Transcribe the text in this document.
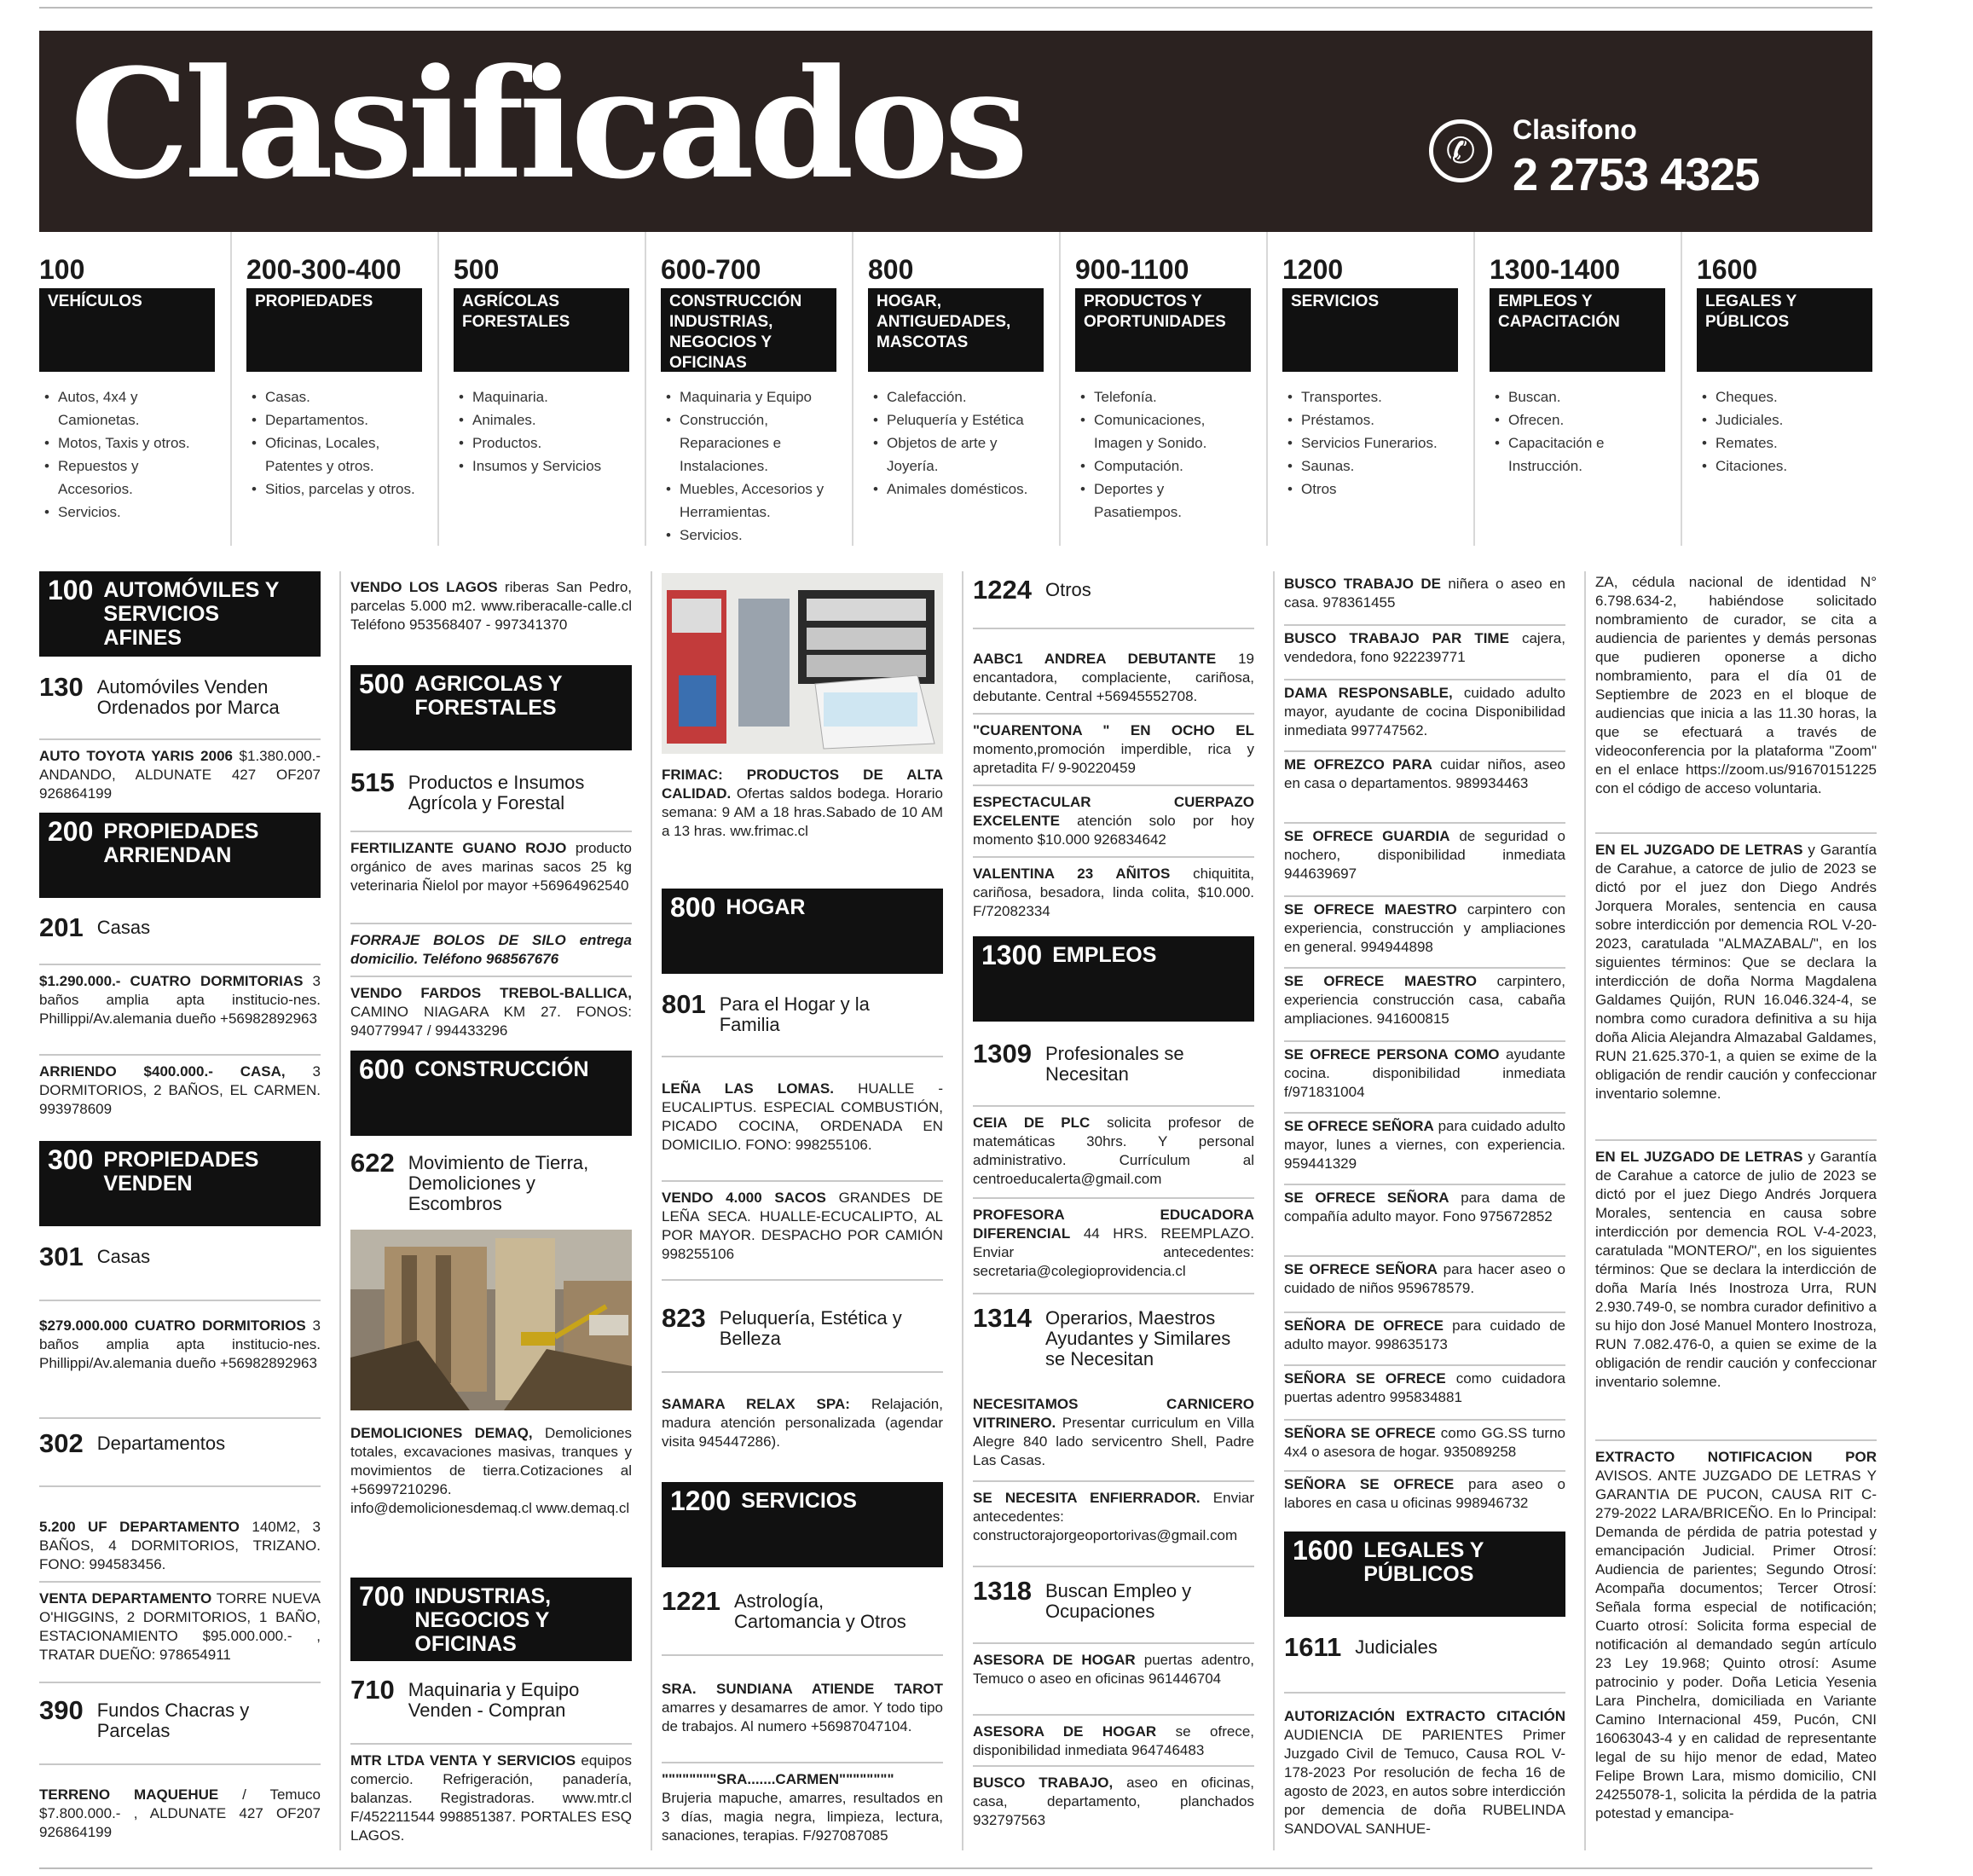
Clasificados	✆	Clasifono
2 2753 4325
100
VEHÍCULOS
• Autos, 4x4 y Camionetas.
• Motos, Taxis y otros.
• Repuestos y Accesorios.
• Servicios.
200-300-400
PROPIEDADES
• Casas.
• Departamentos.
• Oficinas, Locales, Patentes y otros.
• Sitios, parcelas y otros.
500
AGRÍCOLAS FORESTALES
• Maquinaria.
• Animales.
• Productos.
• Insumos y Servicios
600-700
CONSTRUCCIÓN INDUSTRIAS, NEGOCIOS Y OFICINAS
• Maquinaria y Equipo
• Construcción, Reparaciones e Instalaciones.
• Muebles, Accesorios y Herramientas.
• Servicios.
800
HOGAR, ANTIGUEDADES, MASCOTAS
• Calefacción.
• Peluquería y Estética
• Objetos de arte y Joyería.
• Animales domésticos.
900-1100
PRODUCTOS Y OPORTUNIDADES
• Telefonía.
• Comunicaciones, Imagen y Sonido.
• Computación.
• Deportes y Pasatiempos.
1200
SERVICIOS
• Transportes.
• Préstamos.
• Servicios Funerarios.
• Saunas.
• Otros
1300-1400
EMPLEOS Y CAPACITACIÓN
• Buscan.
• Ofrecen.
• Capacitación e Instrucción.
1600
LEGALES Y PÚBLICOS
• Cheques.
• Judiciales.
• Remates.
• Citaciones.
100 AUTOMÓVILES Y SERVICIOS AFINES
130 Automóviles Venden Ordenados por Marca
AUTO TOYOTA YARIS 2006 $1.380.000.- ANDANDO, ALDUNATE 427 OF207 926864199
200 PROPIEDADES ARRIENDAN
201 Casas
$1.290.000.- CUATRO DORMITORIAS 3 baños amplia apta institucio-nes. Phillippi/Av.alemania dueño +56982892963
ARRIENDO $400.000.- CASA, 3 DORMITORIOS, 2 BAÑOS, EL CARMEN. 993978609
300 PROPIEDADES VENDEN
301 Casas
$279.000.000 CUATRO DORMITORIOS 3 baños amplia apta institucio-nes. Phillippi/Av.alemania dueño +56982892963
302 Departamentos
5.200 UF DEPARTAMENTO 140M2, 3 BAÑOS, 4 DORMITORIOS, TRIZANO. FONO: 994583456.
VENTA DEPARTAMENTO TORRE NUEVA O'HIGGINS, 2 DORMITORIOS, 1 BAÑO, ESTACIONAMIENTO $95.000.000.- , TRATAR DUEÑO: 978654911
390 Fundos Chacras y Parcelas
TERRENO MAQUEHUE / Temuco $7.800.000.- , ALDUNATE 427 OF207 926864199
VENDO LOS LAGOS riberas San Pedro, parcelas 5.000 m2. www.riberacalle-calle.cl Teléfono 953568407 - 997341370
500 AGRICOLAS Y FORESTALES
515 Productos e Insumos Agrícola y Forestal
FERTILIZANTE GUANO ROJO producto orgánico de aves marinas sacos 25 kg veterinaria Ñielol por mayor +56964962540
FORRAJE BOLOS DE SILO entrega domicilio. Teléfono 968567676
VENDO FARDOS TREBOL-BALLICA, CAMINO NIAGARA KM 27. FONOS: 940779947 / 994433296
600 CONSTRUCCIÓN
622 Movimiento de Tierra, Demoliciones y Escombros
DEMOLICIONES DEMAQ, Demoliciones totales, excavaciones masivas, tranques y movimientos de tierra.Cotizaciones al +56997210296. info@demolicionesdemaq.cl www.demaq.cl
700 INDUSTRIAS, NEGOCIOS Y OFICINAS
710 Maquinaria y Equipo Venden - Compran
MTR LTDA VENTA Y SERVICIOS equipos comercio. Refrigeración, panadería, balanzas. Registradoras. www.mtr.cl F/452211544 998851387. PORTALES ESQ LAGOS.
FRIMAC: PRODUCTOS DE ALTA CALIDAD. Ofertas saldos bodega. Horario semana: 9 AM a 18 hras.Sabado de 10 AM a 13 hras. ww.frimac.cl
800 HOGAR
801 Para el Hogar y la Familia
LEÑA LAS LOMAS. HUALLE - EUCALIPTUS. ESPECIAL COMBUSTIÓN, PICADO COCINA, ORDENADA EN DOMICILIO. FONO: 998255106.
VENDO 4.000 SACOS GRANDES DE LEÑA SECA. HUALLE-ECUCALIPTO, AL POR MAYOR. DESPACHO POR CAMIÓN 998255106
823 Peluquería, Estética y Belleza
SAMARA RELAX SPA: Relajación, madura atención personalizada (agendar visita 945447286).
1200 SERVICIOS
1221 Astrología, Cartomancia y Otros
SRA. SUNDIANA ATIENDE TAROT amarres y desamarres de amor. Y todo tipo de trabajos. Al numero +56987047104.
""""""""SRA.......CARMEN"""""""" Brujeria mapuche, amarres, resultados en 3 días, magia negra, limpieza, lectura, sanaciones, terapias. F/927087085
1224 Otros
AABC1 ANDREA DEBUTANTE 19 encantadora, complaciente, cariñosa, debutante. Central +56945552708.
"CUARENTONA " EN OCHO EL momento,promoción imperdible, rica y apretadita F/ 9-90220459
ESPECTACULAR CUERPAZO EXCELENTE atención solo por hoy momento $10.000 926834642
VALENTINA 23 AÑITOS chiquitita, cariñosa, besadora, linda colita, $10.000. F/72082334
1300 EMPLEOS
1309 Profesionales se Necesitan
CEIA DE PLC solicita profesor de matemáticas 30hrs. Y personal administrativo. Currículum al centroeducalerta@gmail.com
PROFESORA EDUCADORA DIFERENCIAL 44 HRS. REEMPLAZO. Enviar antecedentes: secretaria@colegioprovidencia.cl
1314 Operarios, Maestros Ayudantes y Similares se Necesitan
NECESITAMOS CARNICERO VITRINERO. Presentar curriculum en Villa Alegre 840 lado servicentro Shell, Padre Las Casas.
SE NECESITA ENFIERRADOR. Enviar antecedentes: constructorajorgeoportorivas@gmail.com
1318 Buscan Empleo y Ocupaciones
ASESORA DE HOGAR puertas adentro, Temuco o aseo en oficinas 961446704
ASESORA DE HOGAR se ofrece, disponibilidad inmediata 964746483
BUSCO TRABAJO, aseo en oficinas, casa, departamento, planchados 932797563
BUSCO TRABAJO DE niñera o aseo en casa. 978361455
BUSCO TRABAJO PAR TIME cajera, vendedora, fono 922239771
DAMA RESPONSABLE, cuidado adulto mayor, ayudante de cocina Disponibilidad inmediata 997747562.
ME OFREZCO PARA cuidar niños, aseo en casa o departamentos. 989934463
SE OFRECE GUARDIA de seguridad o nochero, disponibilidad inmediata 944639697
SE OFRECE MAESTRO carpintero con experiencia, construcción y ampliaciones en general. 994944898
SE OFRECE MAESTRO carpintero, experiencia construcción casa, cabaña ampliaciones. 941600815
SE OFRECE PERSONA COMO ayudante cocina. disponibilidad inmediata f/971831004
SE OFRECE SEÑORA para cuidado adulto mayor, lunes a viernes, con experiencia. 959441329
SE OFRECE SEÑORA para dama de compañía adulto mayor. Fono 975672852
SE OFRECE SEÑORA para hacer aseo o cuidado de niños 959678579.
SEÑORA DE OFRECE para cuidado de adulto mayor. 998635173
SEÑORA SE OFRECE como cuidadora puertas adentro 995834881
SEÑORA SE OFRECE como GG.SS turno 4x4 o asesora de hogar. 935089258
SEÑORA SE OFRECE para aseo o labores en casa u oficinas 998946732
1600 LEGALES Y PÚBLICOS
1611 Judiciales
AUTORIZACIÓN EXTRACTO CITACIÓN AUDIENCIA DE PARIENTES Primer Juzgado Civil de Temuco, Causa ROL V-178-2023 Por resolución de fecha 16 de agosto de 2023, en autos sobre interdicción por demencia de doña RUBELINDA SANDOVAL SANHUE-
ZA, cédula nacional de identidad N° 6.798.634-2, habiéndose solicitado nombramiento de curador, se cita a audiencia de parientes y demás personas que pudieren oponerse a dicho nombramiento, para el día 01 de Septiembre de 2023 en el bloque de audiencias que inicia a las 11.30 horas, la que se efectuará a través de videoconferencia por la plataforma "Zoom" en el enlace https://zoom.us/91670151225 con el código de acceso voluntaria.
EN EL JUZGADO DE LETRAS y Garantía de Carahue, a catorce de julio de 2023 se dictó por el juez don Diego Andrés Jorquera Morales, sentencia en causa sobre interdicción por demencia ROL V-20-2023, caratulada "ALMAZABAL/", en los siguientes términos: Que se declara la interdicción de doña Norma Magdalena Galdames Quijón, RUN 16.046.324-4, se nombra como curadora definitiva a su hija doña Alicia Alejandra Almazabal Galdames, RUN 21.625.370-1, a quien se exime de la obligación de rendir caución y confeccionar inventario solemne.
EN EL JUZGADO DE LETRAS y Garantía de Carahue a catorce de julio de 2023 se dictó por el juez Diego Andrés Jorquera Morales, sentencia en causa sobre interdicción por demencia ROL V-4-2023, caratulada "MONTERO/", en los siguientes términos: Que se declara la interdicción de doña María Inés Inostroza Urra, RUN 2.930.749-0, se nombra curador definitivo a su hijo don José Manuel Montero Inostroza, RUN 7.082.476-0, a quien se exime de la obligación de rendir caución y confeccionar inventario solemne.
EXTRACTO NOTIFICACION POR AVISOS. ANTE JUZGADO DE LETRAS Y GARANTIA DE PUCON, CAUSA RIT C-279-2022 LARA/BRICEÑO. En lo Principal: Demanda de pérdida de patria potestad y emancipación Judicial. Primer Otrosí: Audiencia de parientes; Segundo Otrosí: Acompaña documentos; Tercer Otrosí: Señala forma especial de notificación; Cuarto otrosí: Solicita forma especial de notificación al demandado según artículo 23 Ley 19.968; Quinto otrosí: Asume patrocinio y poder. Doña Leticia Yesenia Lara Pinchelra, domiciliada en Variante Camino Internacional 459, Pucón, CNI 16063043-4 y en calidad de representante legal de su hijo menor de edad, Mateo Felipe Brown Lara, mismo domicilio, CNI 24255078-1, solicita la pérdida de la patria potestad y emancipa-
